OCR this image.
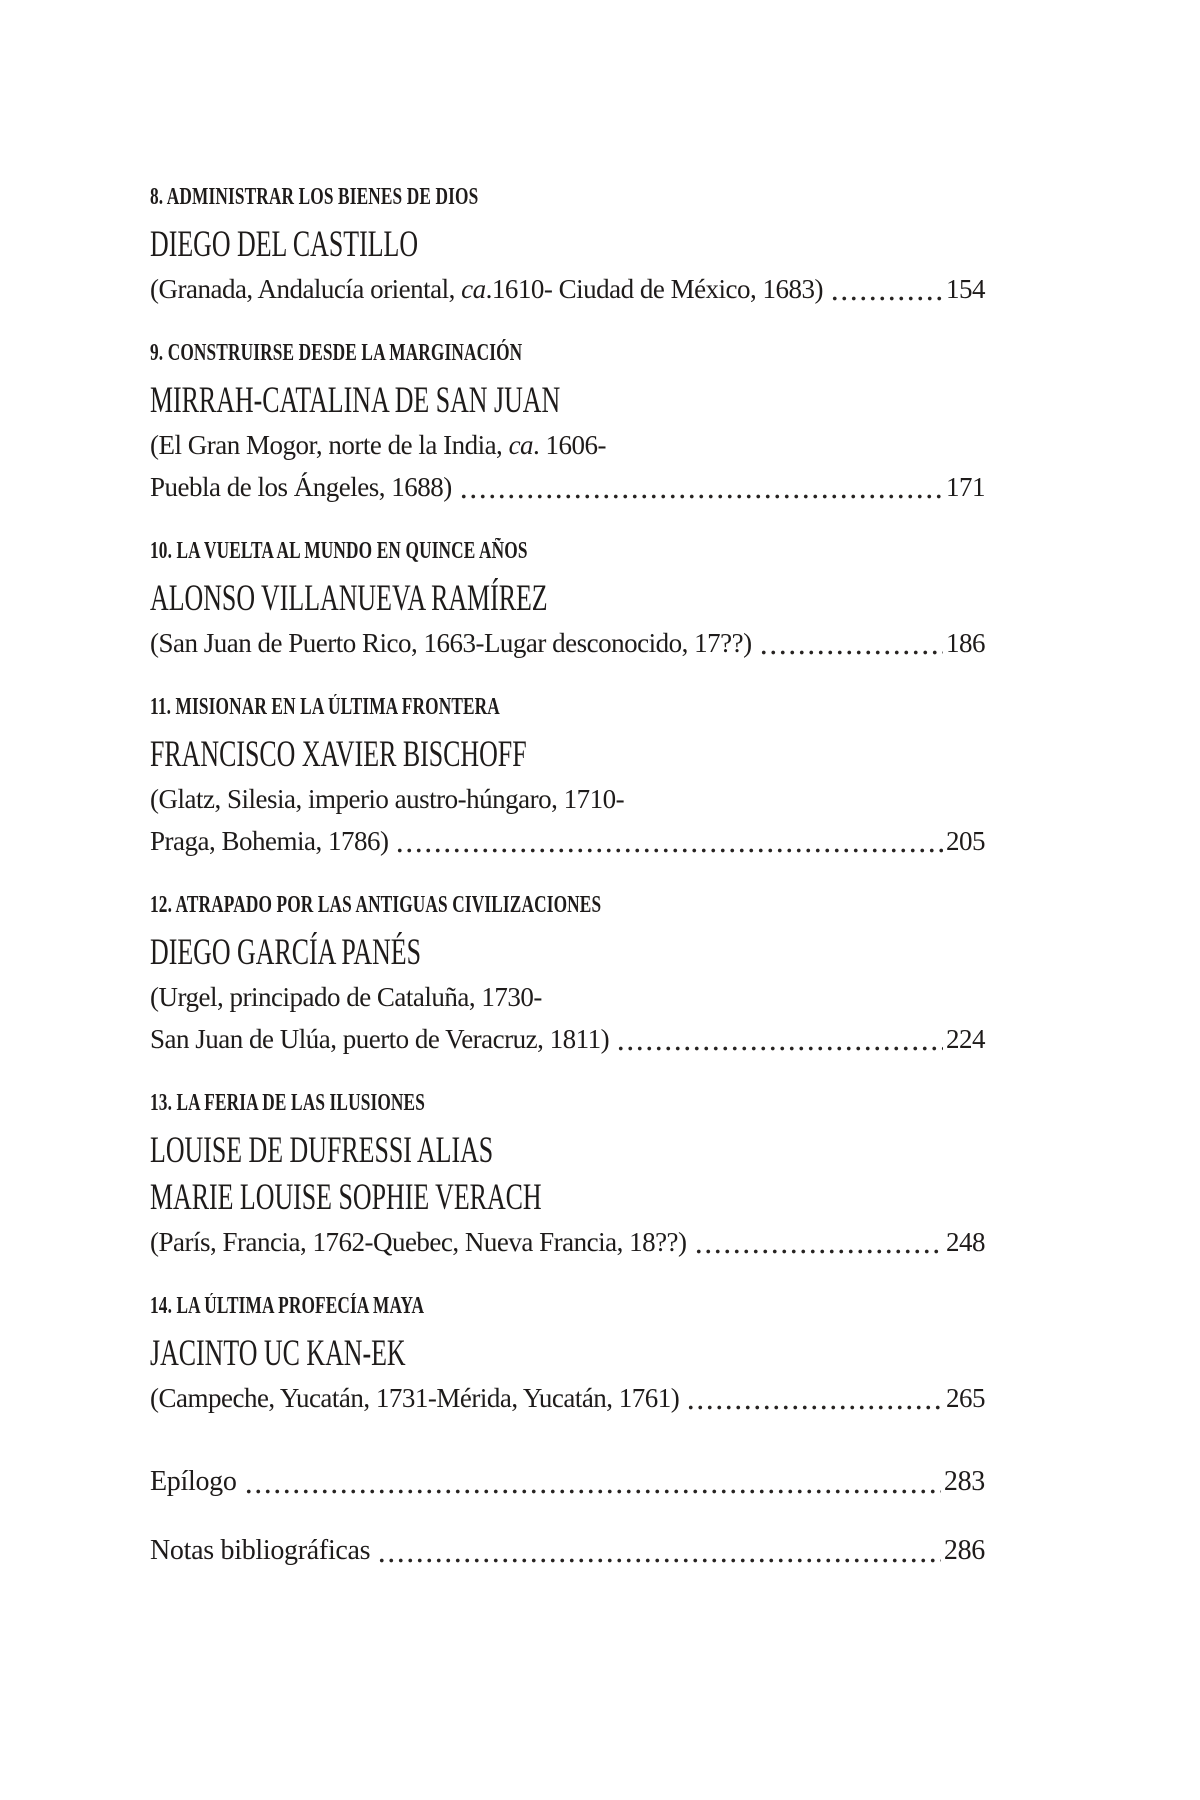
8. ADMINISTRAR LOS BIENES DE DIOS
DIEGO DEL CASTILLO
(Granada, Andalucía oriental, ca.1610- Ciudad de México, 1683)	154
9. CONSTRUIRSE DESDE LA MARGINACIÓN
MIRRAH-CATALINA DE SAN JUAN
(El Gran Mogor, norte de la India, ca. 1606-
Puebla de los Ángeles, 1688)	171
10. LA VUELTA AL MUNDO EN QUINCE AÑOS
ALONSO VILLANUEVA RAMÍREZ
(San Juan de Puerto Rico, 1663-Lugar desconocido, 17??)	186
11. MISIONAR EN LA ÚLTIMA FRONTERA
FRANCISCO XAVIER BISCHOFF
(Glatz, Silesia, imperio austro-húngaro, 1710-
Praga, Bohemia, 1786)	205
12. ATRAPADO POR LAS ANTIGUAS CIVILIZACIONES
DIEGO GARCÍA PANÉS
(Urgel, principado de Cataluña, 1730-
San Juan de Ulúa, puerto de Veracruz, 1811)	224
13. LA FERIA DE LAS ILUSIONES
LOUISE DE DUFRESSI ALIAS
MARIE LOUISE SOPHIE VERACH
(París, Francia, 1762-Quebec, Nueva Francia, 18??)	248
14. LA ÚLTIMA PROFECÍA MAYA
JACINTO UC KAN-EK
(Campeche, Yucatán, 1731-Mérida, Yucatán, 1761)	265
Epílogo	283
Notas bibliográficas	286
